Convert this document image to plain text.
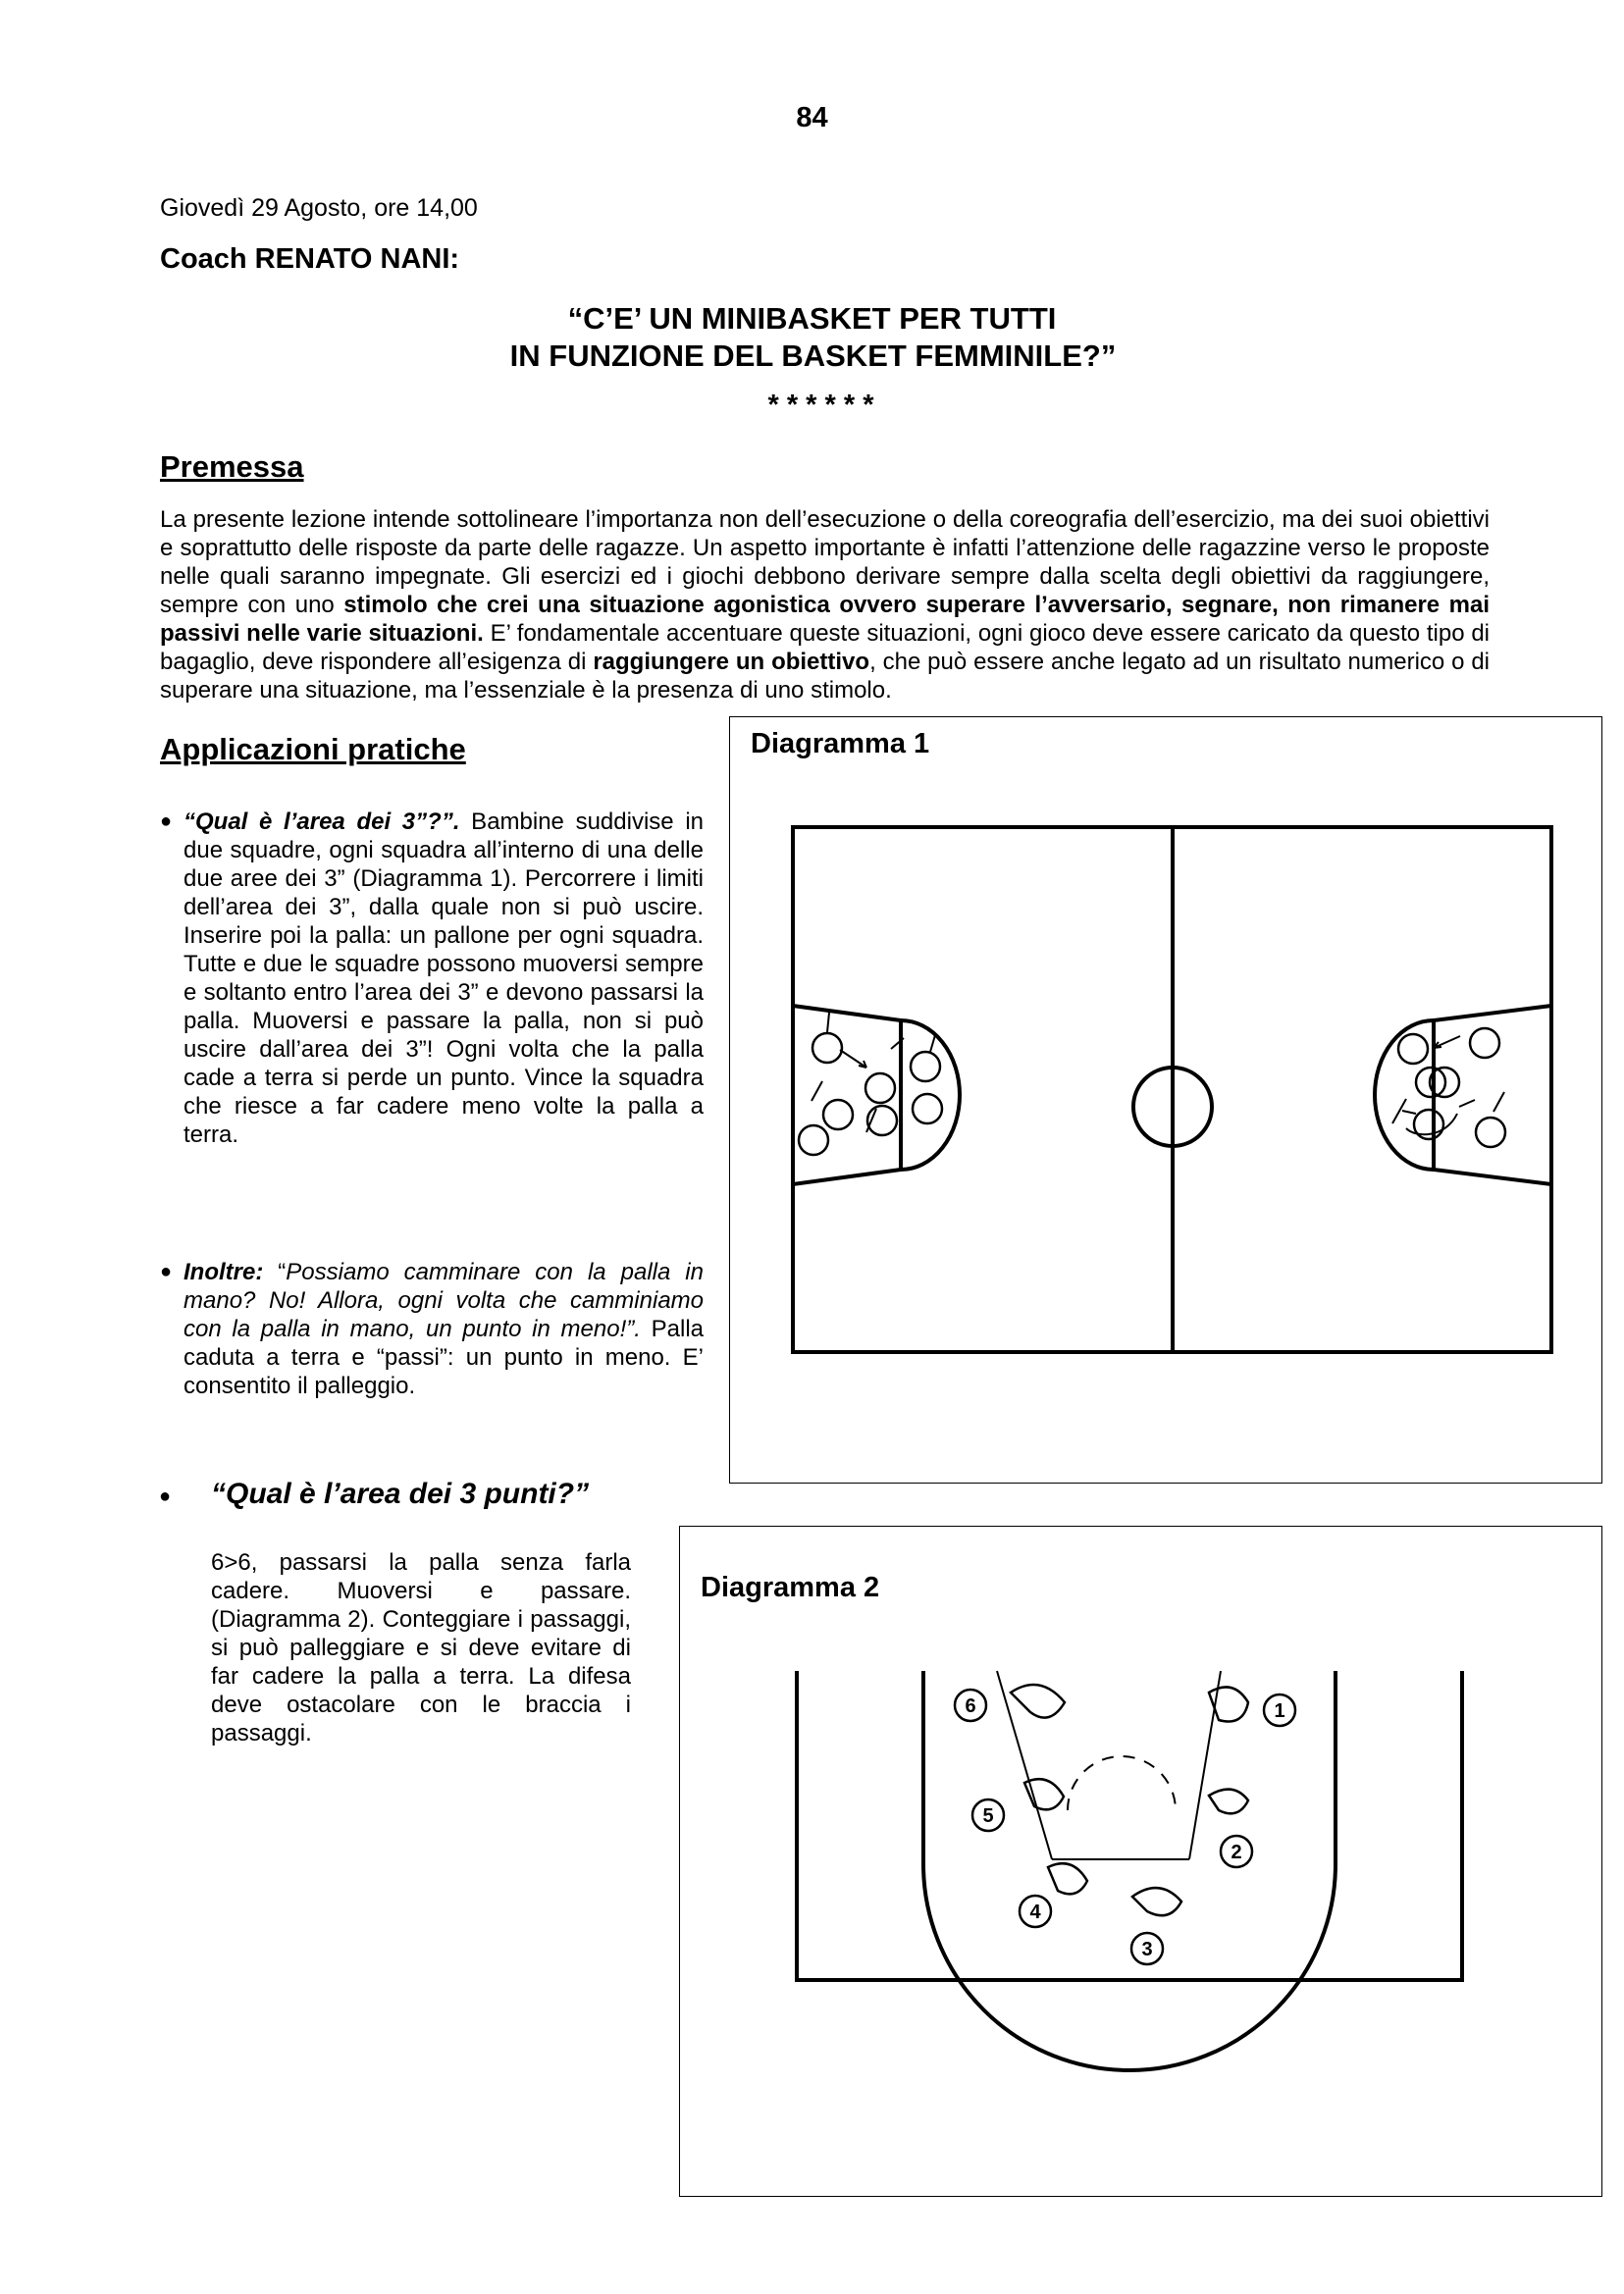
84
Giovedì 29 Agosto, ore 14,00
Coach RENATO NANI:
“C’E’ UN MINIBASKET PER TUTTI
IN FUNZIONE DEL BASKET FEMMINILE?”
* * * * * *
Premessa
La presente lezione intende sottolineare l’importanza non dell’esecuzione o della coreografia dell’esercizio, ma dei suoi obiettivi e soprattutto delle risposte da parte delle ragazze. Un aspetto importante è infatti l’attenzione delle ragazzine verso le proposte nelle quali saranno impegnate. Gli esercizi ed i giochi debbono derivare sempre dalla scelta degli obiettivi da raggiungere, sempre con uno stimolo che crei una situazione agonistica ovvero superare l’avversario, segnare, non rimanere mai passivi nelle varie situazioni. E’ fondamentale accentuare queste situazioni, ogni gioco deve essere caricato da questo tipo di bagaglio, deve rispondere all’esigenza di raggiungere un obiettivo, che può essere anche legato ad un risultato numerico o di superare una situazione, ma l’essenziale è la presenza di uno stimolo.
Applicazioni pratiche
● “Qual è l’area dei 3”?”. Bambine suddivise in due squadre, ogni squadra all’interno di una delle due aree dei 3” (Diagramma 1). Percorrere i limiti dell’area dei 3”, dalla quale non si può uscire. Inserire poi la palla: un pallone per ogni squadra. Tutte e due le squadre possono muoversi sempre e soltanto entro l’area dei 3” e devono passarsi la palla. Muoversi e passare la palla, non si può uscire dall’area dei 3”! Ogni volta che la palla cade a terra si perde un punto. Vince la squadra che riesce a far cadere meno volte la palla a terra.
● Inoltre: “Possiamo camminare con la palla in mano? No! Allora, ogni volta che camminiamo con la palla in mano, un punto in meno!”. Palla caduta a terra e “passi”: un punto in meno. E’ consentito il palleggio.
● “Qual è l’area dei 3 punti?”
6>6, passarsi la palla senza farla cadere. Muoversi e passare. (Diagramma 2). Conteggiare i passaggi, si può palleggiare e si deve evitare di far cadere la palla a terra. La difesa deve ostacolare con le braccia i passaggi.
Diagramma 1
Diagramma 2
6	1
5
2
4
3
